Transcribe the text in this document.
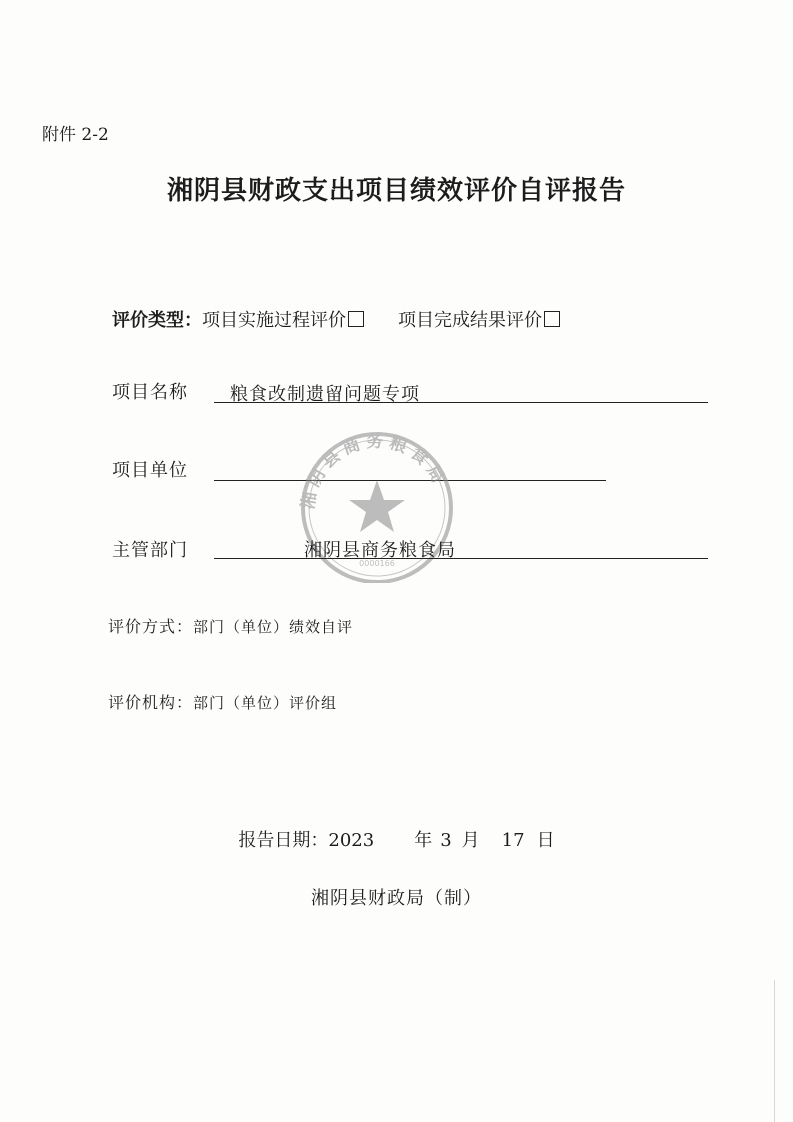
附件 2-2
湘阴县财政支出项目绩效评价自评报告
评价类型：项目实施过程评价	项目完成结果评价
项目名称 粮食改制遗留问题专项
项目单位
湘阴县商务粮食局
0000166
主管部门	湘阴县商务粮食局
评价方式：部门（单位）绩效自评
评价机构：部门（单位）评价组
报告日期：2023 年 3 月 17 日
湘阴县财政局（制）
